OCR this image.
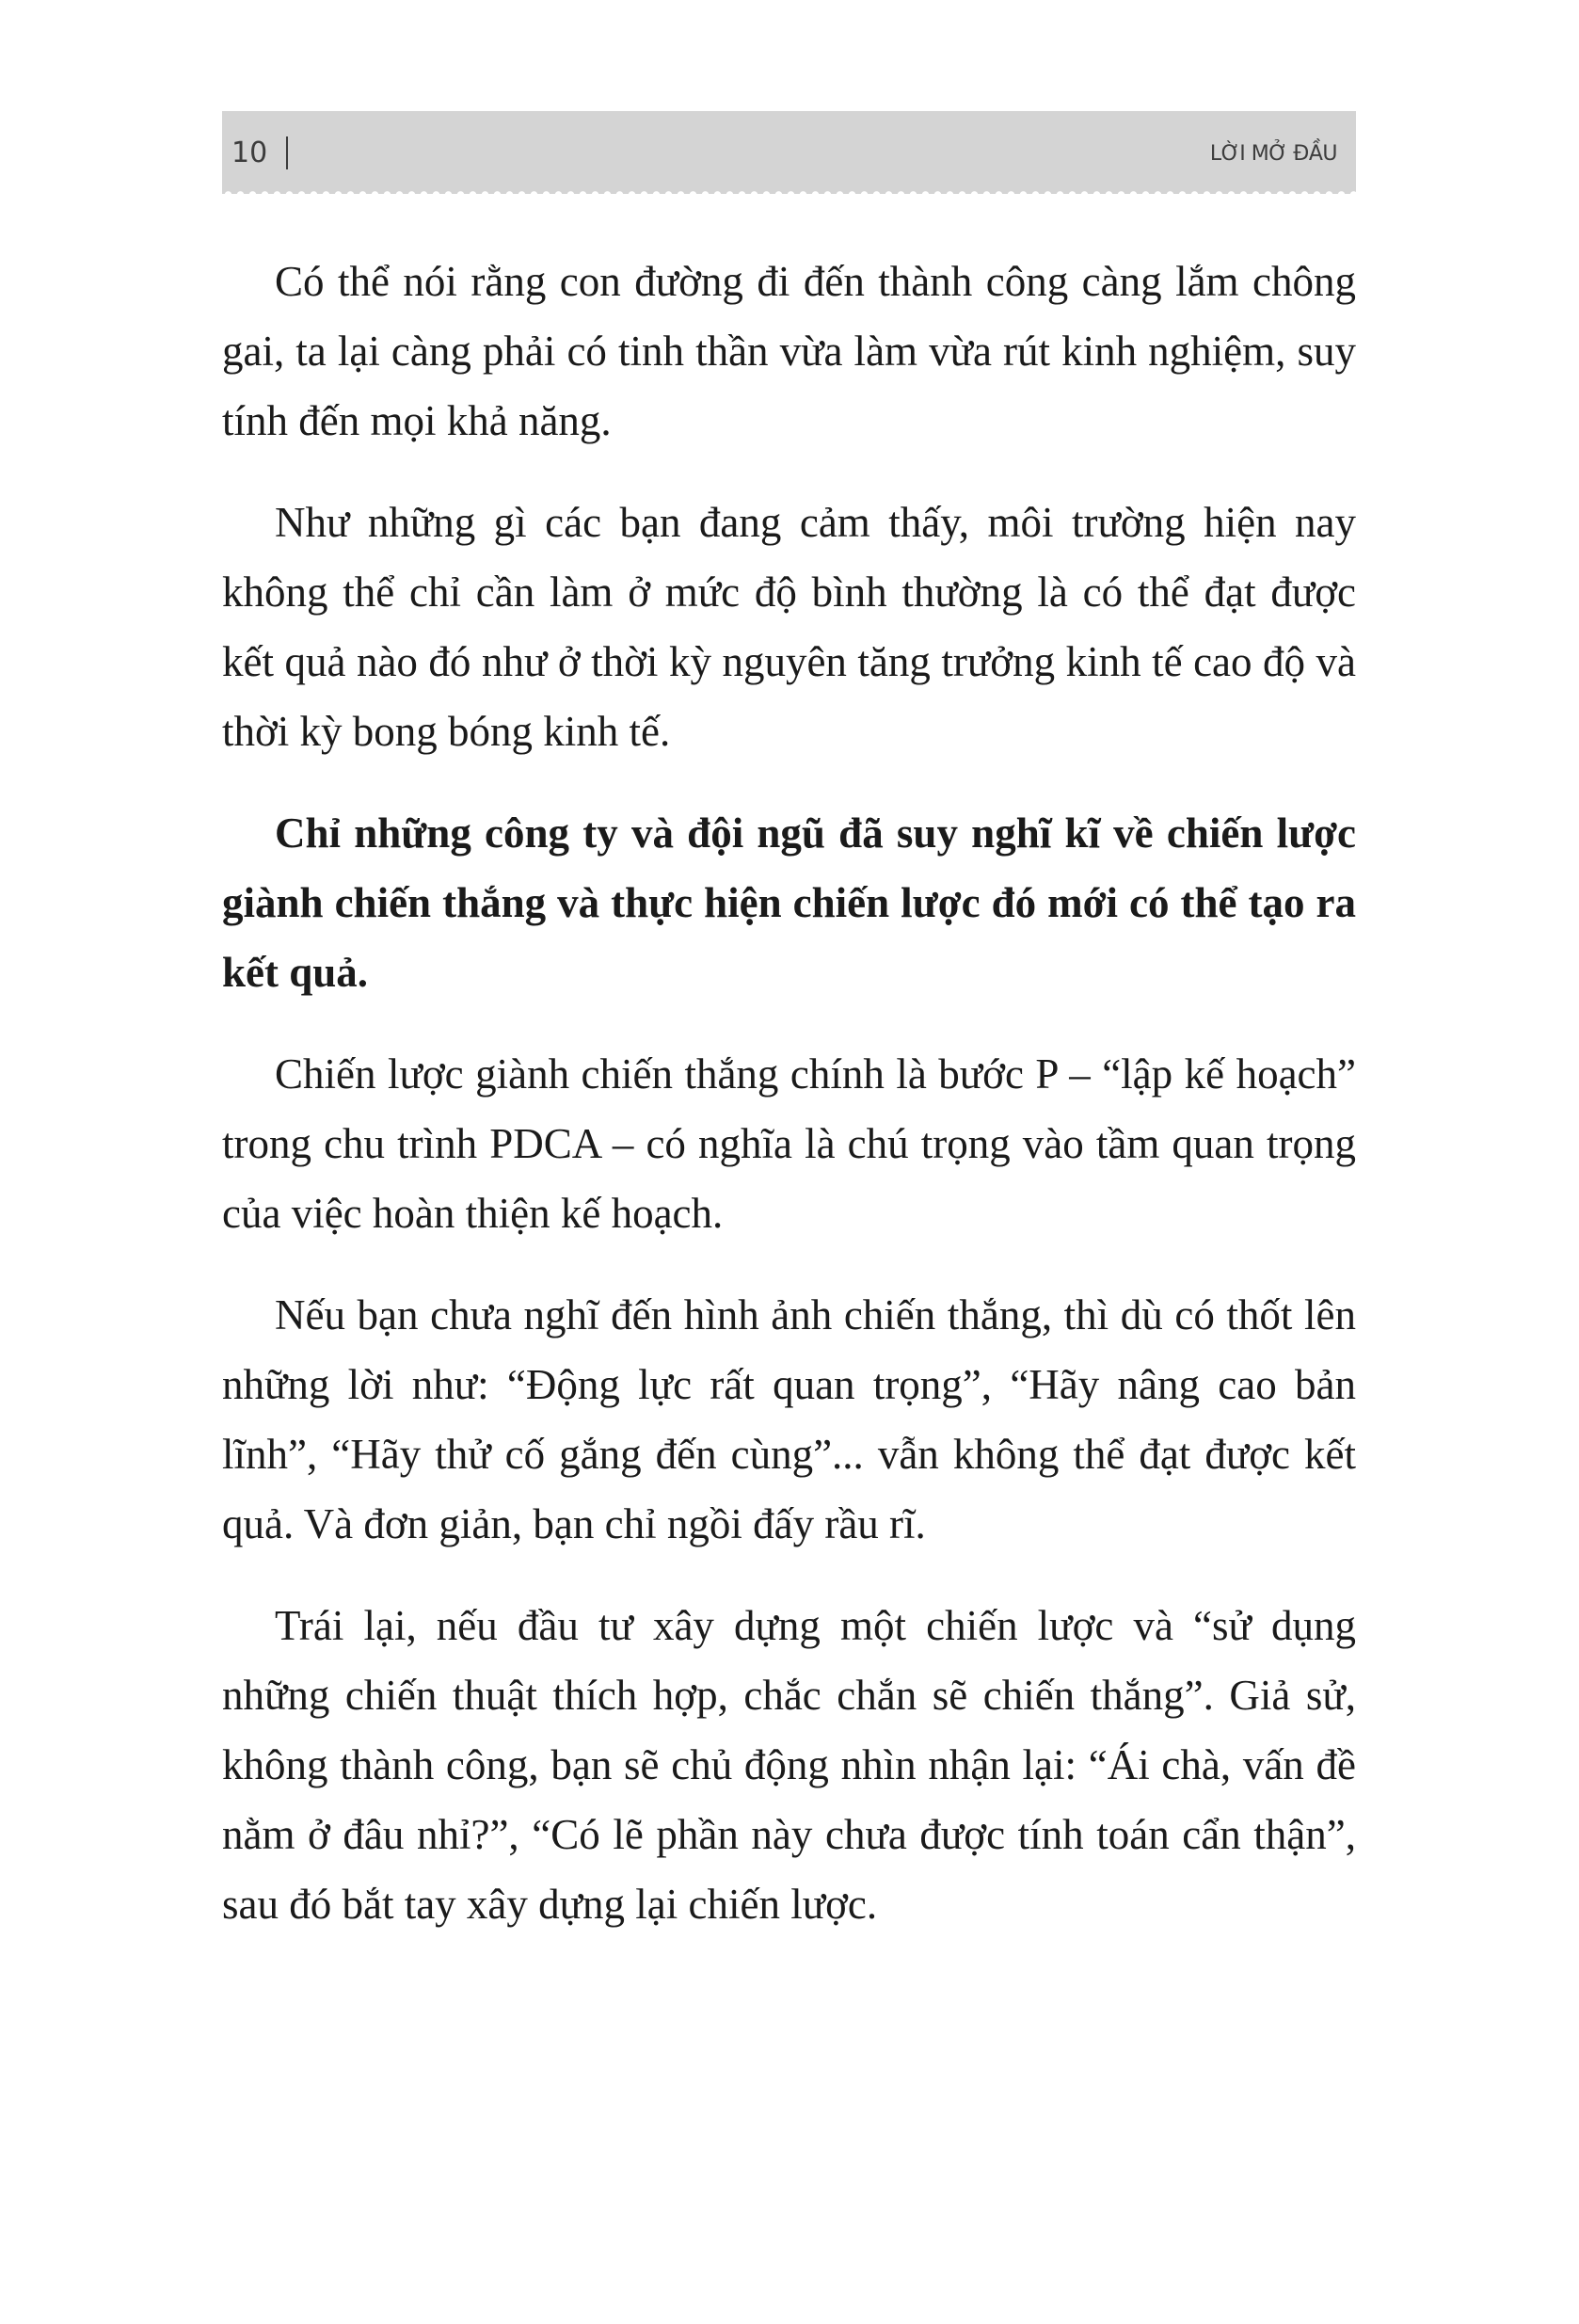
10	LỜI MỞ ĐẦU

Có thể nói rằng con đường đi đến thành công càng lắm chông gai, ta lại càng phải có tinh thần vừa làm vừa rút kinh nghiệm, suy tính đến mọi khả năng.

Như những gì các bạn đang cảm thấy, môi trường hiện nay không thể chỉ cần làm ở mức độ bình thường là có thể đạt được kết quả nào đó như ở thời kỳ nguyên tăng trưởng kinh tế cao độ và thời kỳ bong bóng kinh tế.

Chỉ những công ty và đội ngũ đã suy nghĩ kĩ về chiến lược giành chiến thắng và thực hiện chiến lược đó mới có thể tạo ra kết quả.

Chiến lược giành chiến thắng chính là bước P – “lập kế hoạch” trong chu trình PDCA – có nghĩa là chú trọng vào tầm quan trọng của việc hoàn thiện kế hoạch.

Nếu bạn chưa nghĩ đến hình ảnh chiến thắng, thì dù có thốt lên những lời như: “Động lực rất quan trọng”, “Hãy nâng cao bản lĩnh”, “Hãy thử cố gắng đến cùng”... vẫn không thể đạt được kết quả. Và đơn giản, bạn chỉ ngồi đấy rầu rĩ.

Trái lại, nếu đầu tư xây dựng một chiến lược và “sử dụng những chiến thuật thích hợp, chắc chắn sẽ chiến thắng”. Giả sử, không thành công, bạn sẽ chủ động nhìn nhận lại: “Ái chà, vấn đề nằm ở đâu nhỉ?”, “Có lẽ phần này chưa được tính toán cẩn thận”, sau đó bắt tay xây dựng lại chiến lược.
